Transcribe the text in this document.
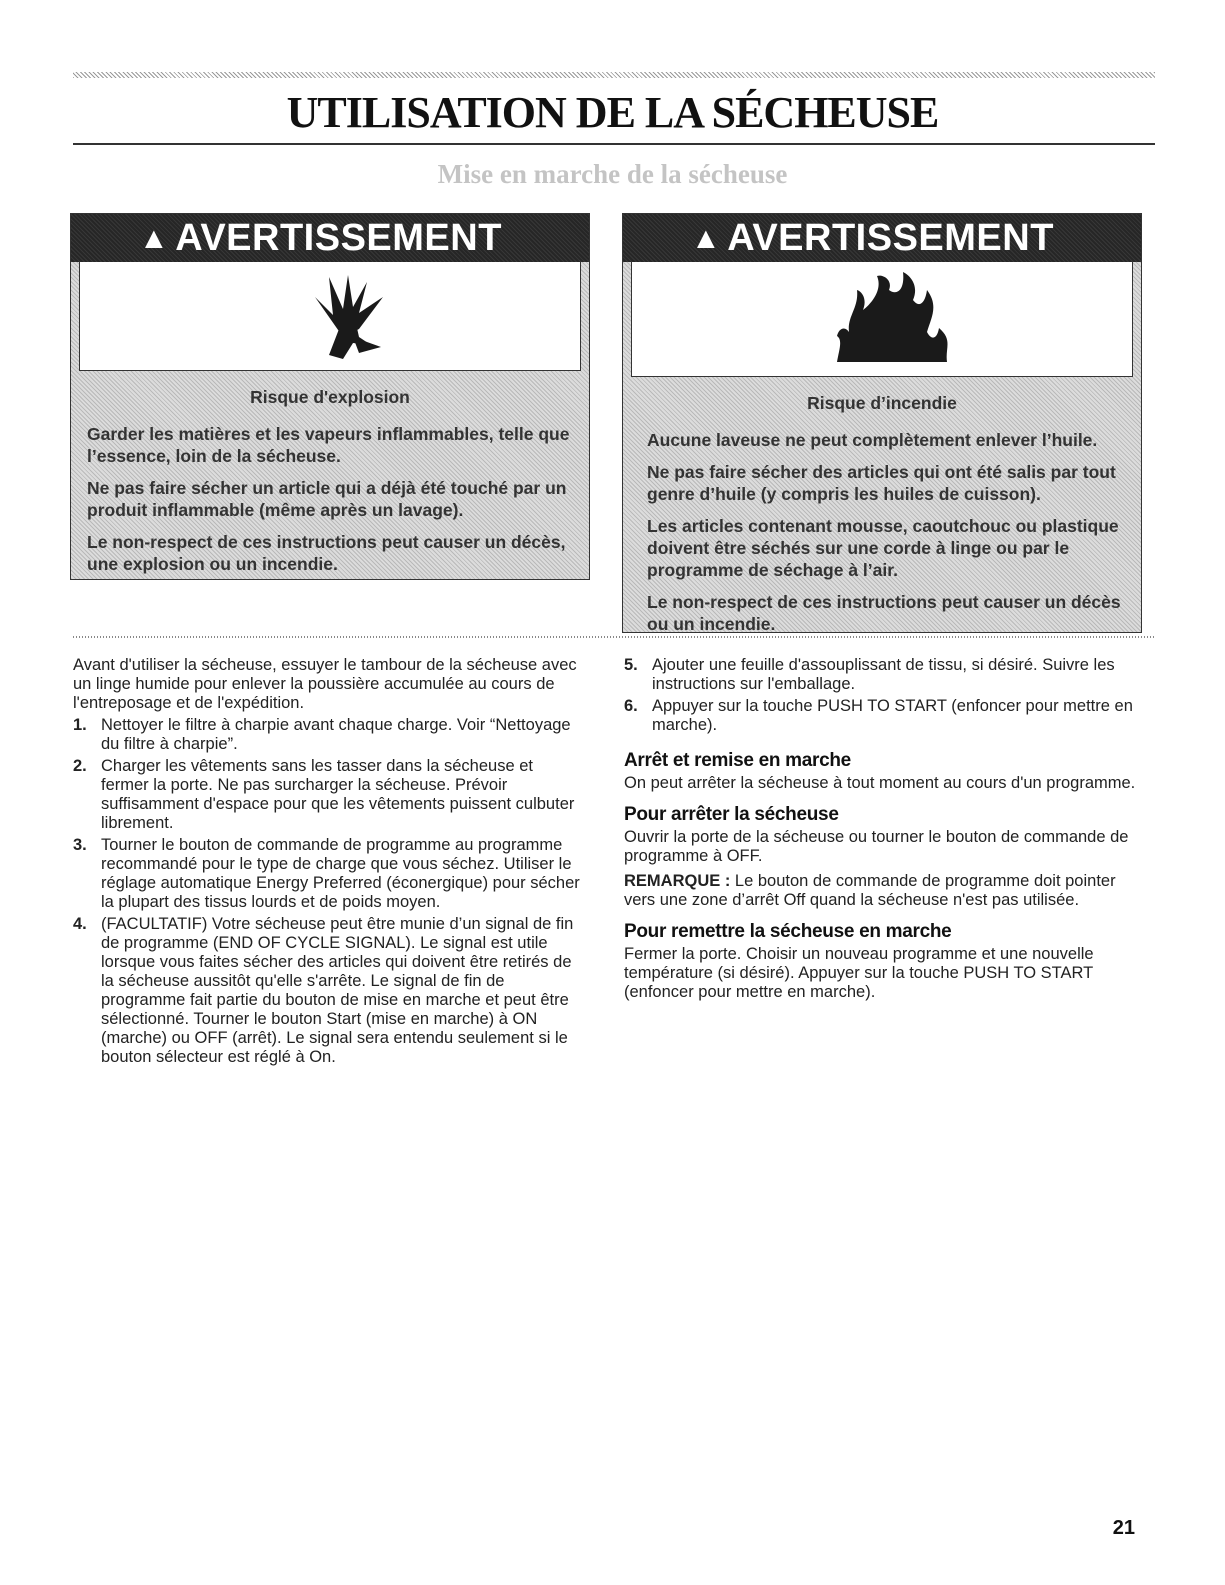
UTILISATION DE LA SÉCHEUSE
Mise en marche de la sécheuse
▲ AVERTISSEMENT

Risque d'explosion

Garder les matières et les vapeurs inflammables, telle que l’essence, loin de la sécheuse.

Ne pas faire sécher un article qui a déjà été touché par un produit inflammable (même après un lavage).

Le non-respect de ces instructions peut causer un décès, une explosion ou un incendie.

▲ AVERTISSEMENT

Risque d’incendie

Aucune laveuse ne peut complètement enlever l’huile.

Ne pas faire sécher des articles qui ont été salis par tout genre d’huile (y compris les huiles de cuisson).

Les articles contenant mousse, caoutchouc ou plastique doivent être séchés sur une corde à linge ou par le programme de séchage à l’air.

Le non-respect de ces instructions peut causer un décès ou un incendie.

Avant d'utiliser la sécheuse, essuyer le tambour de la sécheuse avec un linge humide pour enlever la poussière accumulée au cours de l'entreposage et de l'expédition.

1. Nettoyer le filtre à charpie avant chaque charge. Voir “Nettoyage du filtre à charpie”.
2. Charger les vêtements sans les tasser dans la sécheuse et fermer la porte. Ne pas surcharger la sécheuse. Prévoir suffisamment d'espace pour que les vêtements puissent culbuter librement.
3. Tourner le bouton de commande de programme au programme recommandé pour le type de charge que vous séchez. Utiliser le réglage automatique Energy Preferred (éconergique) pour sécher la plupart des tissus lourds et de poids moyen.
4. (FACULTATIF) Votre sécheuse peut être munie d’un signal de fin de programme (END OF CYCLE SIGNAL). Le signal est utile lorsque vous faites sécher des articles qui doivent être retirés de la sécheuse aussitôt qu'elle s'arrête. Le signal de fin de programme fait partie du bouton de mise en marche et peut être sélectionné. Tourner le bouton Start (mise en marche) à ON (marche) ou OFF (arrêt). Le signal sera entendu seulement si le bouton sélecteur est réglé à On.
5. Ajouter une feuille d'assouplissant de tissu, si désiré. Suivre les instructions sur l'emballage.
6. Appuyer sur la touche PUSH TO START (enfoncer pour mettre en marche).
Arrêt et remise en marche

On peut arrêter la sécheuse à tout moment au cours d'un programme.

Pour arrêter la sécheuse

Ouvrir la porte de la sécheuse ou tourner le bouton de commande de programme à OFF.

REMARQUE : Le bouton de commande de programme doit pointer vers une zone d’arrêt Off quand la sécheuse n'est pas utilisée.

Pour remettre la sécheuse en marche

Fermer la porte. Choisir un nouveau programme et une nouvelle température (si désiré). Appuyer sur la touche PUSH TO START (enfoncer pour mettre en marche).

21
